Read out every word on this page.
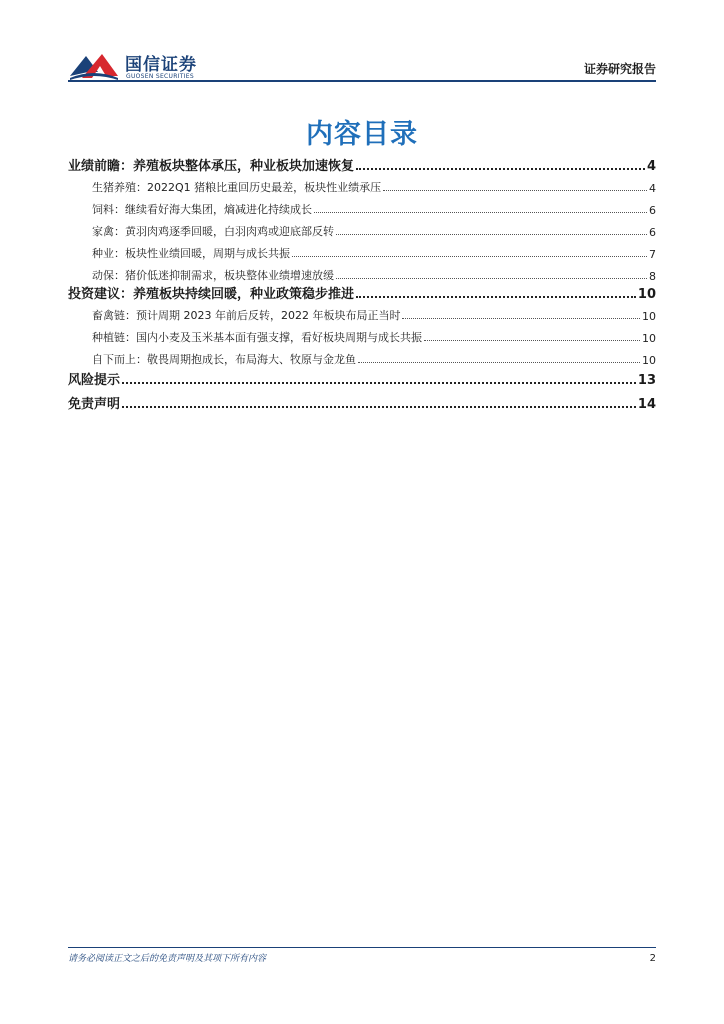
国信证券
GUOSEN SECURITIES
证券研究报告
内容目录
业绩前瞻：养殖板块整体承压，种业板块加速恢复	4
生猪养殖：2022Q1 猪粮比重回历史最差，板块性业绩承压	4
饲料：继续看好海大集团，熵减进化持续成长	6
家禽：黄羽肉鸡逐季回暖，白羽肉鸡或迎底部反转	6
种业：板块性业绩回暖，周期与成长共振	7
动保：猪价低迷抑制需求，板块整体业绩增速放缓	8
投资建议：养殖板块持续回暖，种业政策稳步推进	10
畜禽链：预计周期 2023 年前后反转，2022 年板块布局正当时	10
种植链：国内小麦及玉米基本面有强支撑，看好板块周期与成长共振	10
自下而上：敬畏周期抱成长，布局海大、牧原与金龙鱼	10
风险提示	13
免责声明	14
请务必阅读正文之后的免责声明及其项下所有内容	2
